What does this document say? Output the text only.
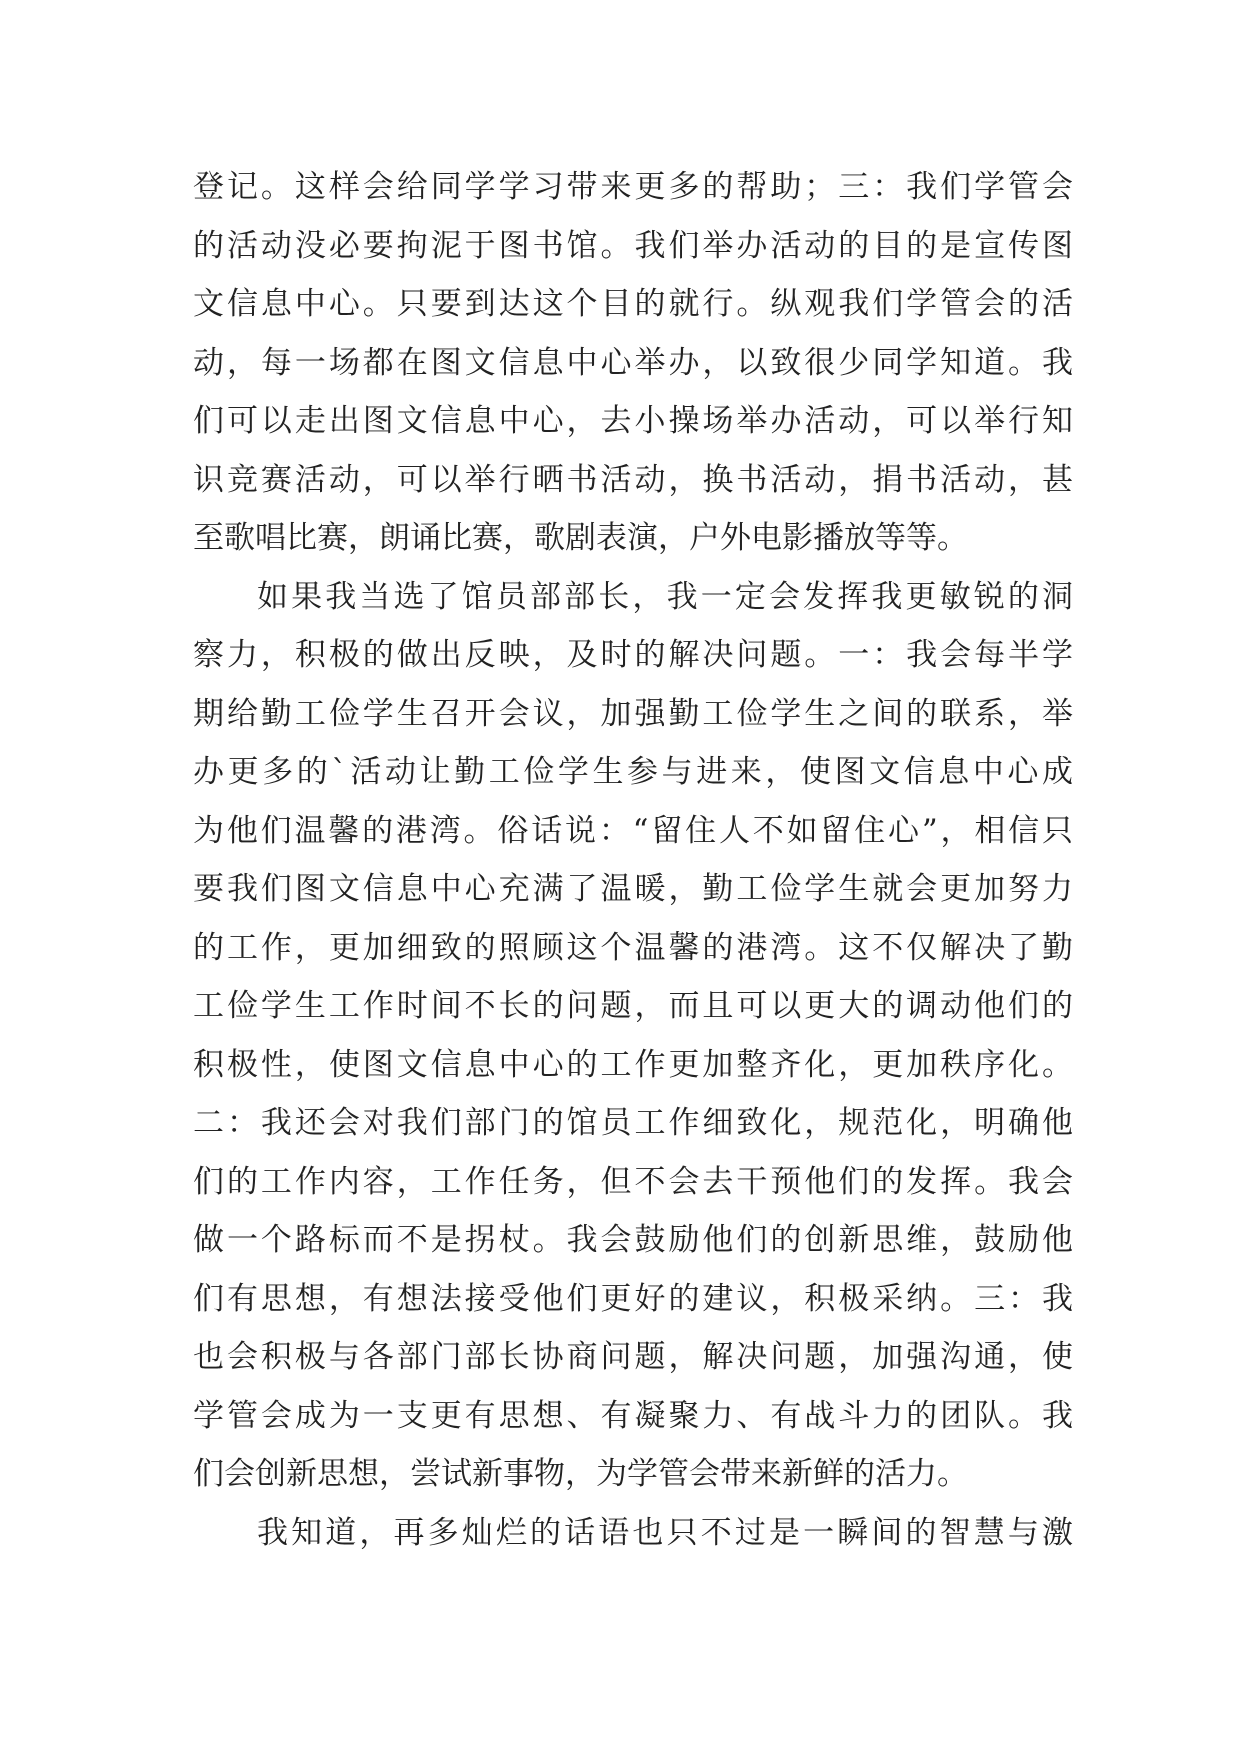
登记。这样会给同学学习带来更多的帮助；三：我们学管会
的活动没必要拘泥于图书馆。我们举办活动的目的是宣传图
文信息中心。只要到达这个目的就行。纵观我们学管会的活
动，每一场都在图文信息中心举办，以致很少同学知道。我
们可以走出图文信息中心，去小操场举办活动，可以举行知
识竞赛活动，可以举行晒书活动，换书活动，捐书活动，甚
至歌唱比赛，朗诵比赛，歌剧表演，户外电影播放等等。
如果我当选了馆员部部长，我一定会发挥我更敏锐的洞
察力，积极的做出反映，及时的解决问题。一：我会每半学
期给勤工俭学生召开会议，加强勤工俭学生之间的联系，举
办更多的`活动让勤工俭学生参与进来，使图文信息中心成
为他们温馨的港湾。俗话说：“留住人不如留住心”，相信只
要我们图文信息中心充满了温暖，勤工俭学生就会更加努力
的工作，更加细致的照顾这个温馨的港湾。这不仅解决了勤
工俭学生工作时间不长的问题，而且可以更大的调动他们的
积极性，使图文信息中心的工作更加整齐化，更加秩序化。
二：我还会对我们部门的馆员工作细致化，规范化，明确他
们的工作内容，工作任务，但不会去干预他们的发挥。我会
做一个路标而不是拐杖。我会鼓励他们的创新思维，鼓励他
们有思想，有想法接受他们更好的建议，积极采纳。三：我
也会积极与各部门部长协商问题，解决问题，加强沟通，使
学管会成为一支更有思想、有凝聚力、有战斗力的团队。我
们会创新思想，尝试新事物，为学管会带来新鲜的活力。
我知道，再多灿烂的话语也只不过是一瞬间的智慧与激
